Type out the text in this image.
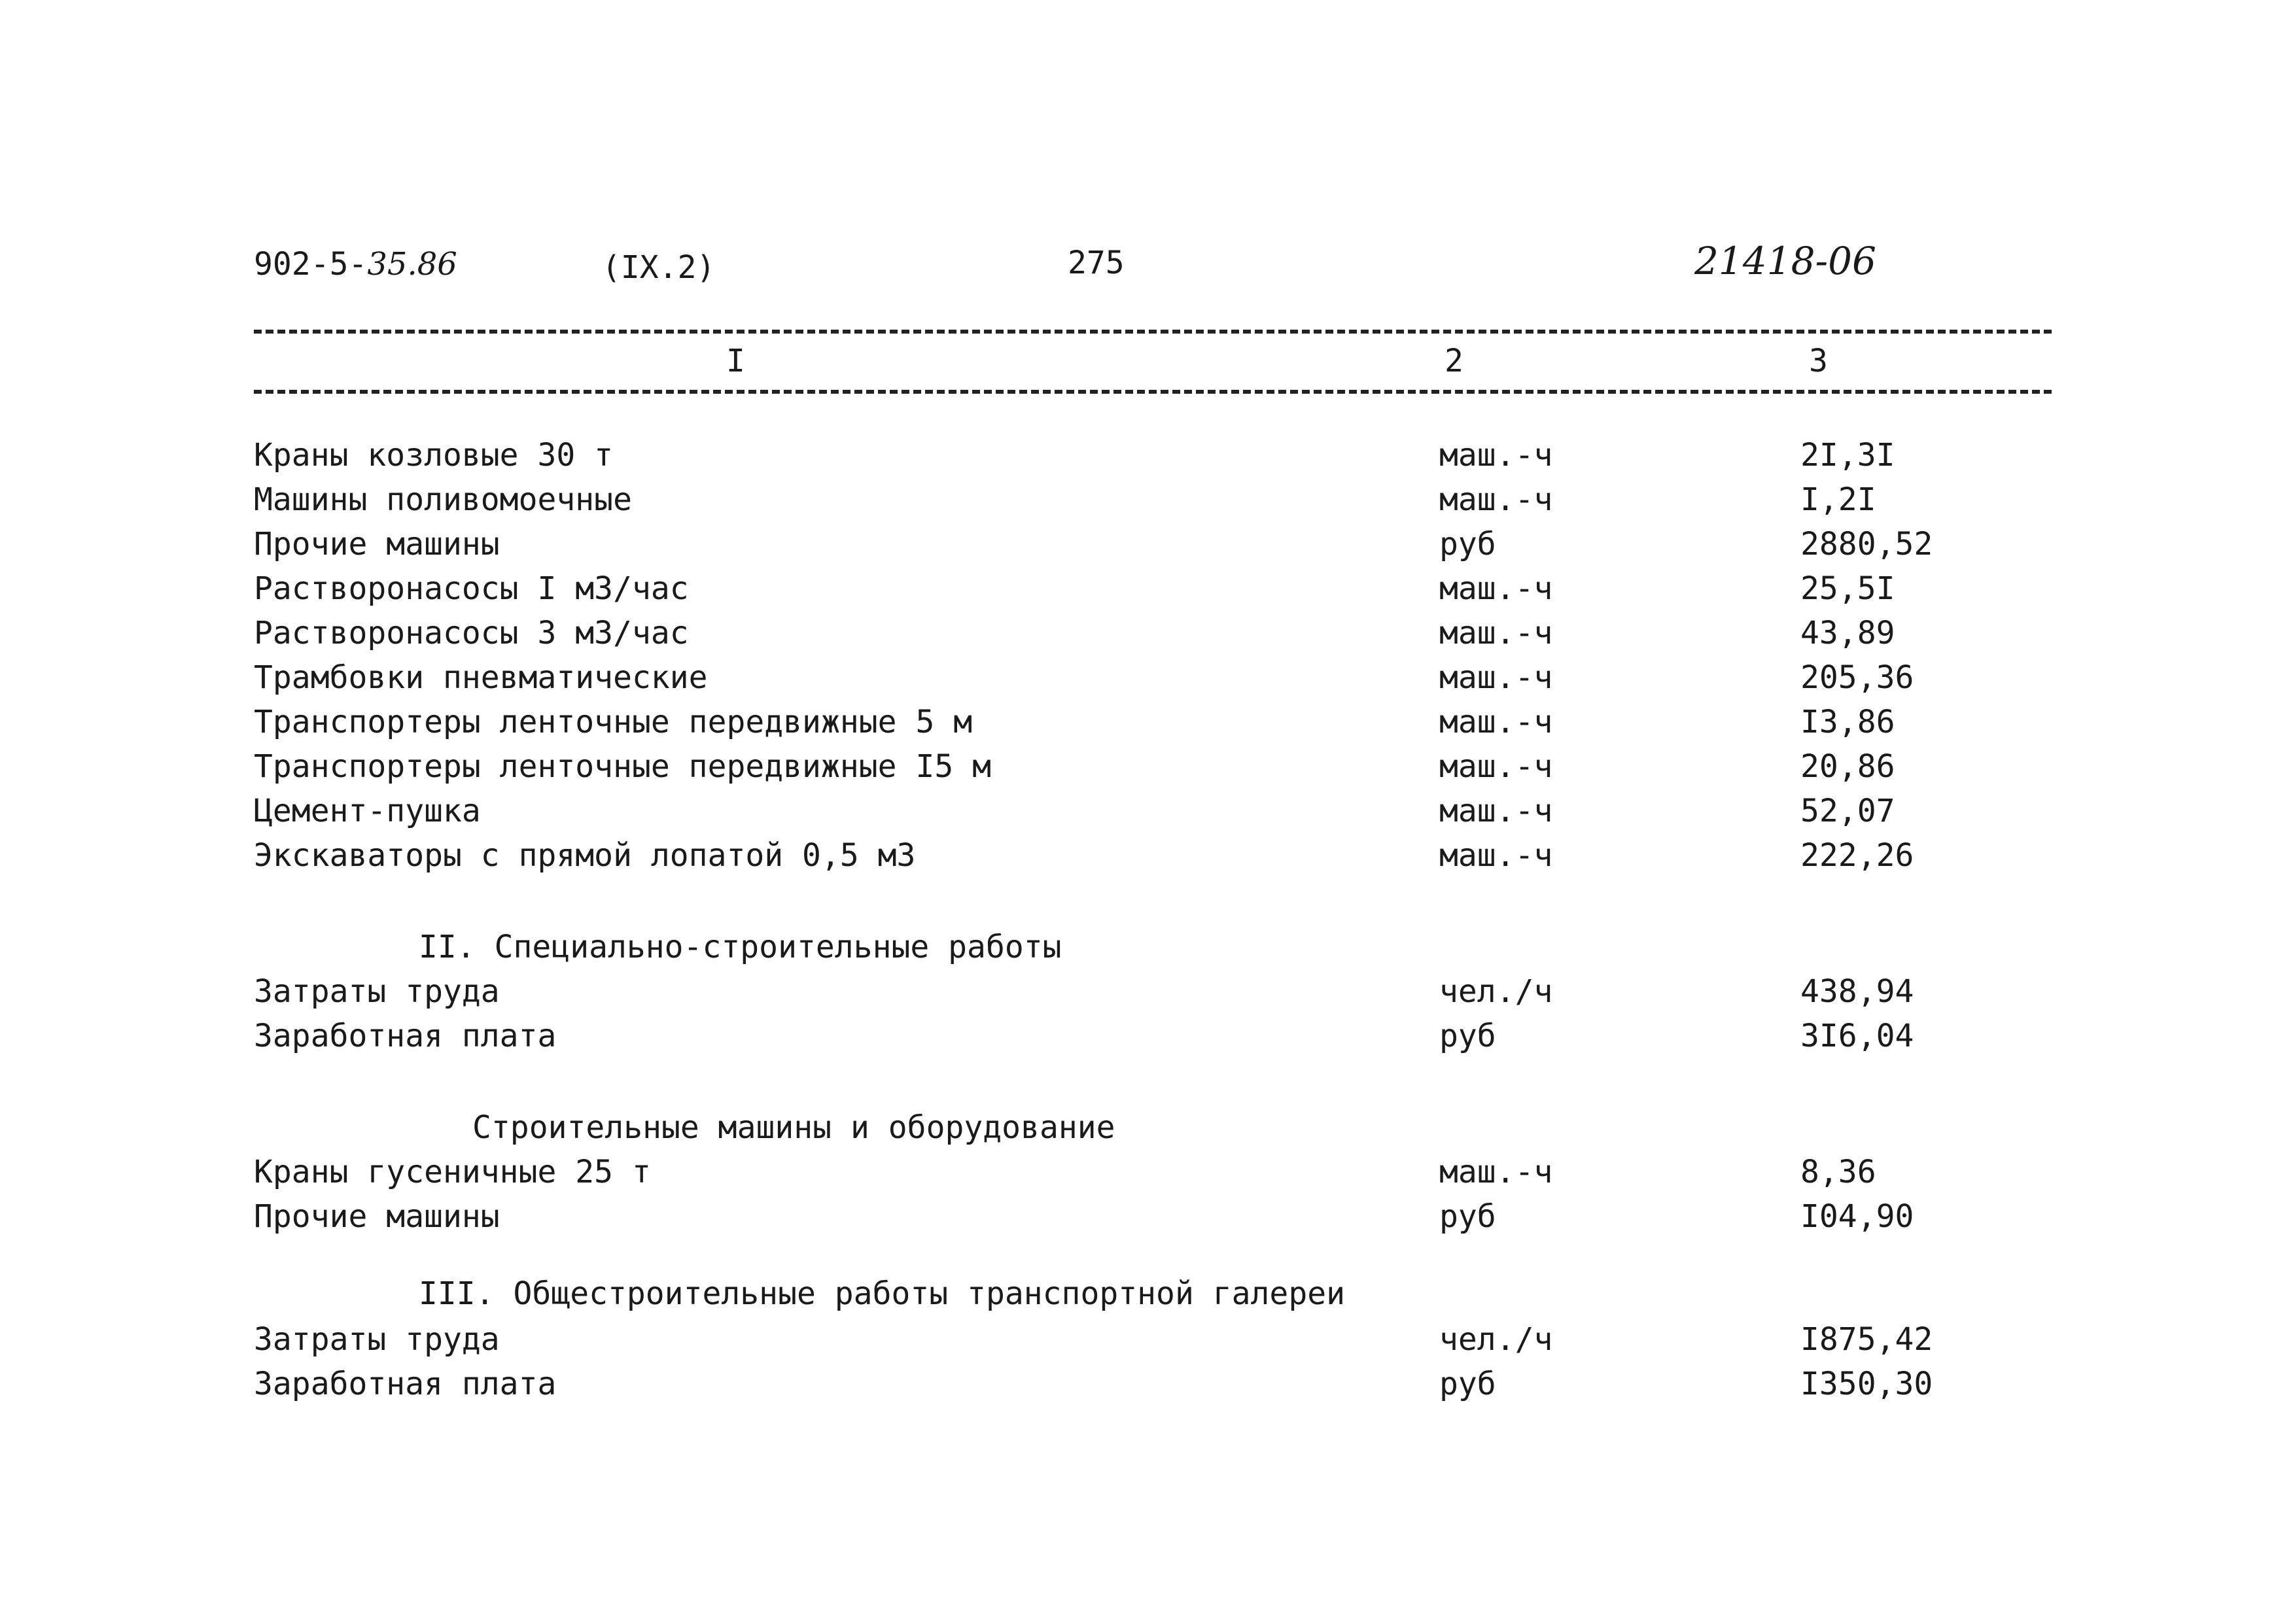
902-5-35.86	(IX.2)	275	21418-06
I	2	3
Краны козловые 30 т	маш.-ч	2I,3I
Машины поливомоечные	маш.-ч	I,2I
Прочие машины	руб	2880,52
Растворонасосы I м3/час	маш.-ч	25,5I
Растворонасосы 3 м3/час	маш.-ч	43,89
Трамбовки пневматические	маш.-ч	205,36
Транспортеры ленточные передвижные 5 м	маш.-ч	I3,86
Транспортеры ленточные передвижные I5 м	маш.-ч	20,86
Цемент-пушка	маш.-ч	52,07
Экскаваторы с прямой лопатой 0,5 м3	маш.-ч	222,26
II. Специально-строительные работы
Затраты труда	чел./ч	438,94
Заработная плата	руб	3I6,04
Строительные машины и оборудование
Краны гусеничные 25 т	маш.-ч	8,36
Прочие машины	руб	I04,90
III. Общестроительные работы транспортной галереи
Затраты труда	чел./ч	I875,42
Заработная плата	руб	I350,30
